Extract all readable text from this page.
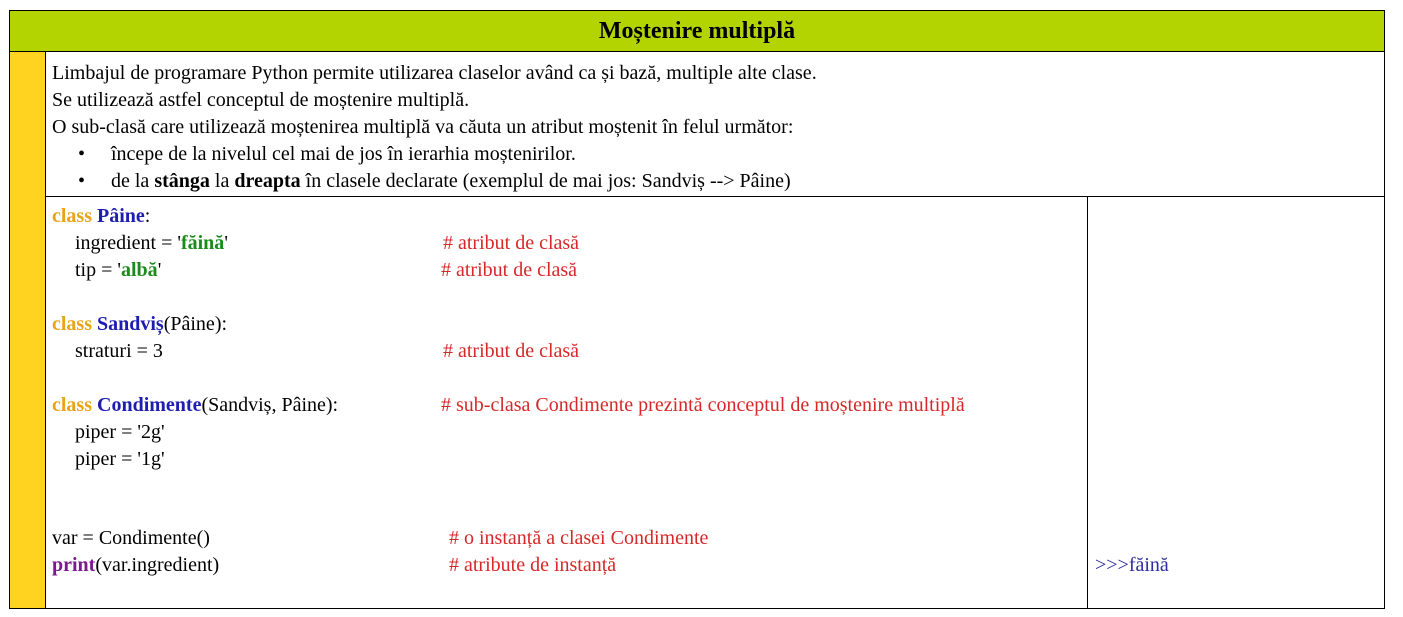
Moștenire multiplă
Limbajul de programare Python permite utilizarea claselor având ca și bază, multiple alte clase.
Se utilizează astfel conceptul de moștenire multiplă.
O sub-clasă care utilizează moștenirea multiplă va căuta un atribut moștenit în felul următor:
•	începe de la nivelul cel mai de jos în ierarhia moștenirilor.
•	de la stânga la dreapta în clasele declarate (exemplul de mai jos: Sandviș --> Pâine)
class Pâine:
ingredient = 'făină'	# atribut de clasă
tip = 'albă'	# atribut de clasă
class Sandviș(Pâine):
straturi = 3	# atribut de clasă
class Condimente(Sandviș, Pâine):	# sub-clasa Condimente prezintă conceptul de moștenire multiplă
piper = '2g'
piper = '1g'
var = Condimente()	# o instanță a clasei Condimente
print(var.ingredient)	# atribute de instanță	>>>făină
